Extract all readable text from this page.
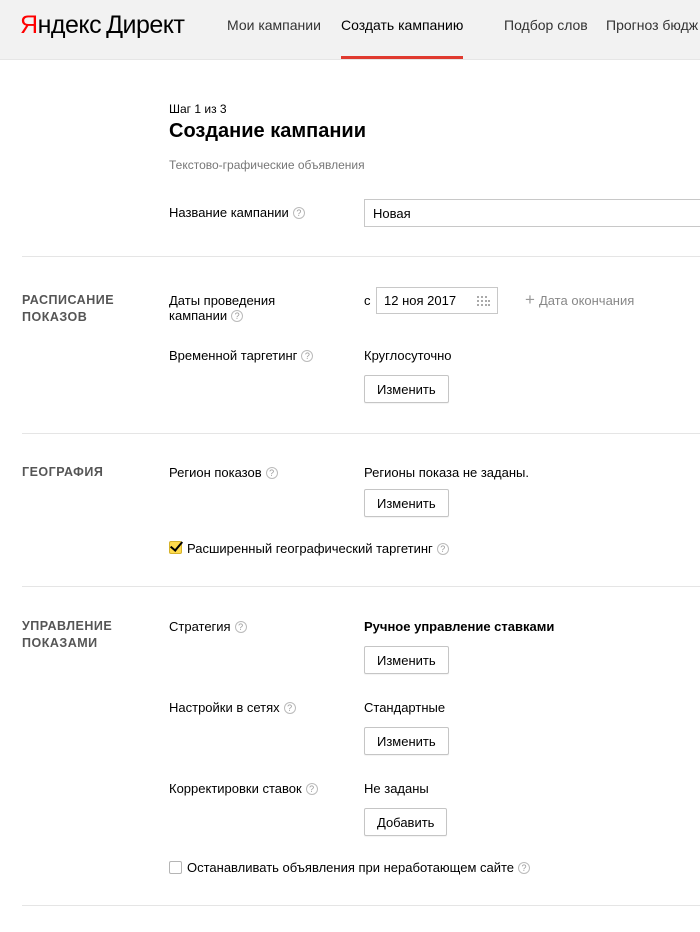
Яндекс Директ	Мои кампании Создать кампанию	Подбор слов Прогноз бюдж
Шаг 1 из 3
Создание кампании
Текстово-графические объявления
Название кампании ?
Новая
РАСПИСАНИЕ
ПОКАЗОВ
Даты проведения
кампании ?
с 12 ноя 2017	+ Дата окончания
Временной таргетинг ?	Круглосуточно
Изменить
ГЕОГРАФИЯ	Регион показов ?	Регионы показа не заданы.
Изменить
Расширенный географический таргетинг ?
УПРАВЛЕНИЕ
ПОКАЗАМИ
Стратегия ?	Ручное управление ставками
Изменить
Настройки в сетях ?	Стандартные
Изменить
Корректировки ставок ?	Не заданы
Добавить
Останавливать объявления при неработающем сайте ?
